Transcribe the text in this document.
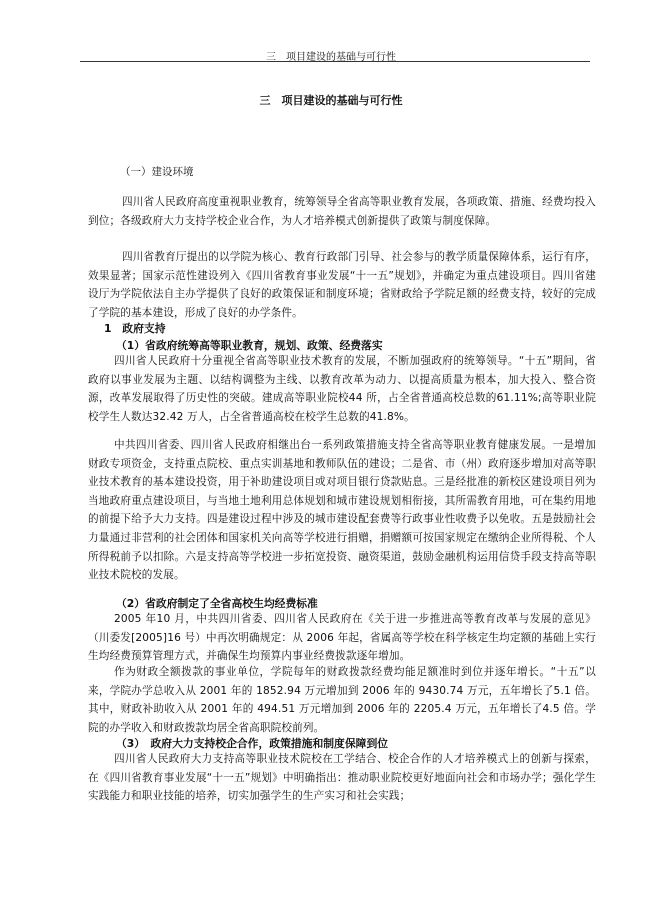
三　项目建设的基础与可行性
三　项目建设的基础与可行性
（一）建设环境
四川省人民政府高度重视职业教育，统筹领导全省高等职业教育发展，各项政策、措施、经费均投入到位；各级政府大力支持学校企业合作，为人才培养模式创新提供了政策与制度保障。
四川省教育厅提出的以学院为核心、教育行政部门引导、社会参与的教学质量保障体系，运行有序，效果显著；国家示范性建设列入《四川省教育事业发展“十一五”规划》，并确定为重点建设项目。四川省建设厅为学院依法自主办学提供了良好的政策保证和制度环境；省财政给予学院足额的经费支持，较好的完成了学院的基本建设，形成了良好的办学条件。
1　政府支持
（1）省政府统筹高等职业教育，规划、政策、经费落实
四川省人民政府十分重视全省高等职业技术教育的发展，不断加强政府的统筹领导。“十五”期间，省政府以事业发展为主题、以结构调整为主线、以教育改革为动力、以提高质量为根本，加大投入、整合资源，改革发展取得了历史性的突破。建成高等职业院校44 所，占全省普通高校总数的61.11%;高等职业院校学生人数达32.42 万人，占全省普通高校在校学生总数的41.8%。
中共四川省委、四川省人民政府相继出台一系列政策措施支持全省高等职业教育健康发展。一是增加财政专项资金，支持重点院校、重点实训基地和教师队伍的建设；二是省、市（州）政府逐步增加对高等职业技术教育的基本建设投资，用于补助建设项目或对项目银行贷款贴息。三是经批准的新校区建设项目列为当地政府重点建设项目，与当地土地利用总体规划和城市建设规划相衔接，其所需教育用地，可在集约用地的前提下给予大力支持。四是建设过程中涉及的城市建设配套费等行政事业性收费予以免收。五是鼓励社会力量通过非营利的社会团体和国家机关向高等学校进行捐赠，捐赠额可按国家规定在缴纳企业所得税、个人所得税前予以扣除。六是支持高等学校进一步拓宽投资、融资渠道，鼓励金融机构运用信贷手段支持高等职业技术院校的发展。
（2）省政府制定了全省高校生均经费标准
2005 年10 月，中共四川省委、四川省人民政府在《关于进一步推进高等教育改革与发展的意见》（川委发[2005]16 号）中再次明确规定：从 2006 年起，省属高等学校在科学核定生均定额的基础上实行生均经费预算管理方式，并确保生均预算内事业经费拨款逐年增加。
作为财政全额拨款的事业单位，学院每年的财政拨款经费均能足额准时到位并逐年增长。“十五”以来，学院办学总收入从 2001 年的 1852.94 万元增加到 2006 年的 9430.74 万元，五年增长了5.1 倍。其中，财政补助收入从 2001 年的 494.51 万元增加到 2006 年的 2205.4 万元，五年增长了4.5 倍。学院的办学收入和财政拨款均居全省高职院校前列。
（3）　政府大力支持校企合作，政策措施和制度保障到位
四川省人民政府大力支持高等职业技术院校在工学结合、校企合作的人才培养模式上的创新与探索，在《四川省教育事业发展“十一五”规划》中明确指出：推动职业院校更好地面向社会和市场办学；强化学生实践能力和职业技能的培养，切实加强学生的生产实习和社会实践；
